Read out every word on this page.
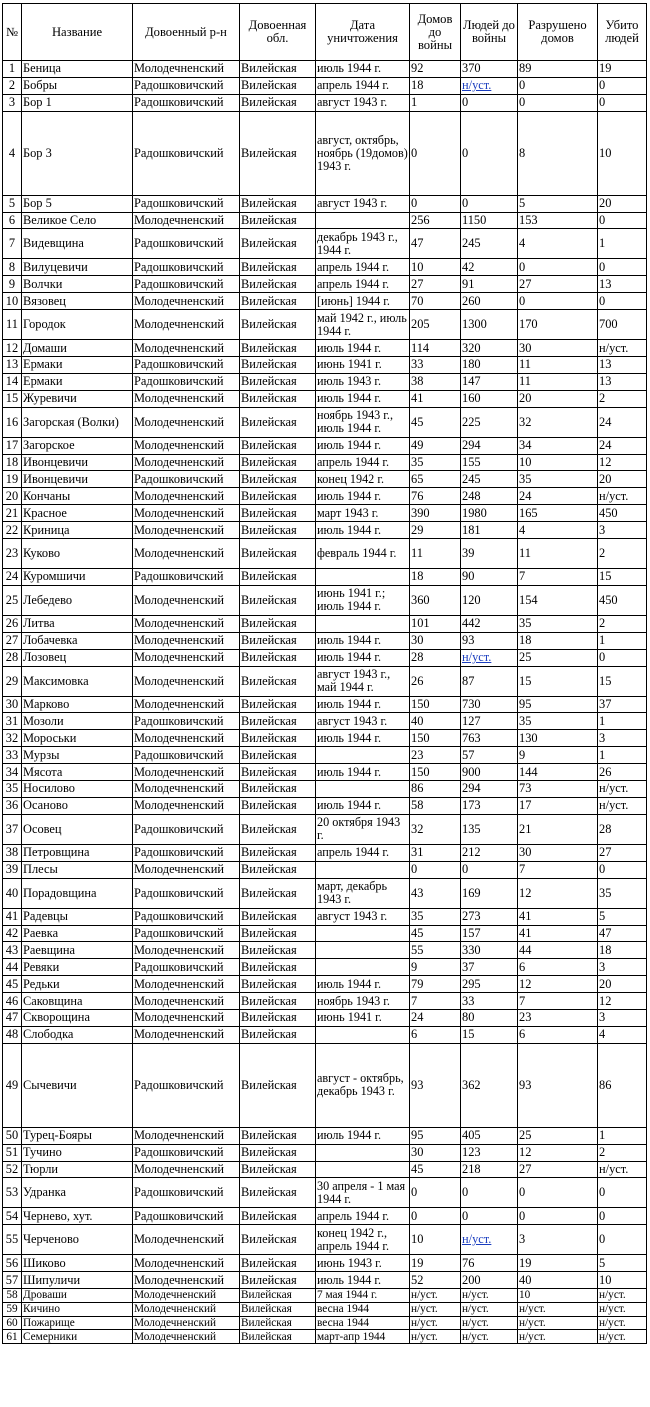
№	Название	Довоенный р-н	Довоенная обл.	Дата уничтожения	Домов до войны	Людей до войны	Разрушено домов	Убито людей
1	Беница	Молодечненский	Вилейская	июль 1944 г.	92	370	89	19
2	Бобры	Радошковичский	Вилейская	апрель 1944 г.	18	н/уст.	0	0
3	Бор 1	Радошковичский	Вилейская	август 1943 г.	1	0	0	0
4	Бор 3	Радошковичский	Вилейская	август, октябрь, ноябрь (19домов) 1943 г.	0	0	8	10
5	Бор 5	Радошковичский	Вилейская	август 1943 г.	0	0	5	20
6	Великое Село	Молодечненский	Вилейская		256	1150	153	0
7	Видевщина	Радошковичский	Вилейская	декабрь 1943 г., 1944 г.	47	245	4	1
8	Вилуцевичи	Радошковичский	Вилейская	апрель 1944 г.	10	42	0	0
9	Волчки	Радошковичский	Вилейская	апрель 1944 г.	27	91	27	13
10	Вязовец	Молодечненский	Вилейская	[июнь] 1944 г.	70	260	0	0
11	Городок	Молодечненский	Вилейская	май 1942 г., июль 1944 г.	205	1300	170	700
12	Домаши	Молодечненский	Вилейская	июль 1944 г.	114	320	30	н/уст.
13	Ермаки	Радошковичский	Вилейская	июнь 1941 г.	33	180	11	13
14	Ермаки	Радошковичский	Вилейская	июль 1943 г.	38	147	11	13
15	Журевичи	Молодечненский	Вилейская	июль 1944 г.	41	160	20	2
16	Загорская (Волки)	Молодечненский	Вилейская	ноябрь 1943 г., июль 1944 г.	45	225	32	24
17	Загорское	Молодечненский	Вилейская	июль 1944 г.	49	294	34	24
18	Ивонцевичи	Молодечненский	Вилейская	апрель 1944 г.	35	155	10	12
19	Ивонцевичи	Радошковичский	Вилейская	конец 1942 г.	65	245	35	20
20	Кончаны	Молодечненский	Вилейская	июль 1944 г.	76	248	24	н/уст.
21	Красное	Молодечненский	Вилейская	март 1943 г.	390	1980	165	450
22	Криница	Молодечненский	Вилейская	июль 1944 г.	29	181	4	3
23	Куково	Молодечненский	Вилейская	февраль 1944 г.	11	39	11	2
24	Куромшичи	Радошковичский	Вилейская		18	90	7	15
25	Лебедево	Молодечненский	Вилейская	июнь 1941 г.; июль 1944 г.	360	120	154	450
26	Литва	Молодечненский	Вилейская		101	442	35	2
27	Лобачевка	Молодечненский	Вилейская	июль 1944 г.	30	93	18	1
28	Лозовец	Молодечненский	Вилейская	июль 1944 г.	28	н/уст.	25	0
29	Максимовка	Молодечненский	Вилейская	август 1943 г., май 1944 г.	26	87	15	15
30	Марково	Молодечненский	Вилейская	июль 1944 г.	150	730	95	37
31	Мозоли	Радошковичский	Вилейская	август 1943 г.	40	127	35	1
32	Мороськи	Молодечненский	Вилейская	июль 1944 г.	150	763	130	3
33	Мурзы	Радошковичский	Вилейская		23	57	9	1
34	Мясота	Молодечненский	Вилейская	июль 1944 г.	150	900	144	26
35	Носилово	Молодечненский	Вилейская		86	294	73	н/уст.
36	Осаново	Молодечненский	Вилейская	июль 1944 г.	58	173	17	н/уст.
37	Осовец	Радошковичский	Вилейская	20 октября 1943 г.	32	135	21	28
38	Петровщина	Радошковичский	Вилейская	апрель 1944 г.	31	212	30	27
39	Плесы	Молодечненский	Вилейская		0	0	7	0
40	Порадовщина	Радошковичский	Вилейская	март, декабрь 1943 г.	43	169	12	35
41	Радевцы	Радошковичский	Вилейская	август 1943 г.	35	273	41	5
42	Раевка	Радошковичский	Вилейская		45	157	41	47
43	Раевщина	Молодечненский	Вилейская		55	330	44	18
44	Ревяки	Радошковичский	Вилейская		9	37	6	3
45	Редьки	Молодечненский	Вилейская	июль 1944 г.	79	295	12	20
46	Саковщина	Молодечненский	Вилейская	ноябрь 1943 г.	7	33	7	12
47	Скворощина	Молодечненский	Вилейская	июнь 1941 г.	24	80	23	3
48	Слободка	Молодечненский	Вилейская		6	15	6	4
49	Сычевичи	Радошковичский	Вилейская	август - октябрь, декабрь 1943 г.	93	362	93	86
50	Турец-Бояры	Молодечненский	Вилейская	июль 1944 г.	95	405	25	1
51	Тучино	Радошковичский	Вилейская		30	123	12	2
52	Тюрли	Молодечненский	Вилейская		45	218	27	н/уст.
53	Удранка	Радошковичский	Вилейская	30 апреля - 1 мая 1944 г.	0	0	0	0
54	Чернево, хут.	Радошковичский	Вилейская	апрель 1944 г.	0	0	0	0
55	Черченово	Молодечненский	Вилейская	конец 1942 г., апрель 1944 г.	10	н/уст.	3	0
56	Шиково	Молодечненский	Вилейская	июнь 1943 г.	19	76	19	5
57	Шипуличи	Молодечненский	Вилейская	июль 1944 г.	52	200	40	10
58	Дроваши	Молодечненский	Вилейская	7 мая 1944 г.	н/уст.	н/уст.	10	н/уст.
59	Кичино	Молодечненский	Вилейская	весна 1944	н/уст.	н/уст.	н/уст.	н/уст.
60	Пожарище	Молодечненский	Вилейская	весна 1944	н/уст.	н/уст.	н/уст.	н/уст.
61	Семерники	Молодечненский	Вилейская	март-апр 1944	н/уст.	н/уст.	н/уст.	н/уст.
